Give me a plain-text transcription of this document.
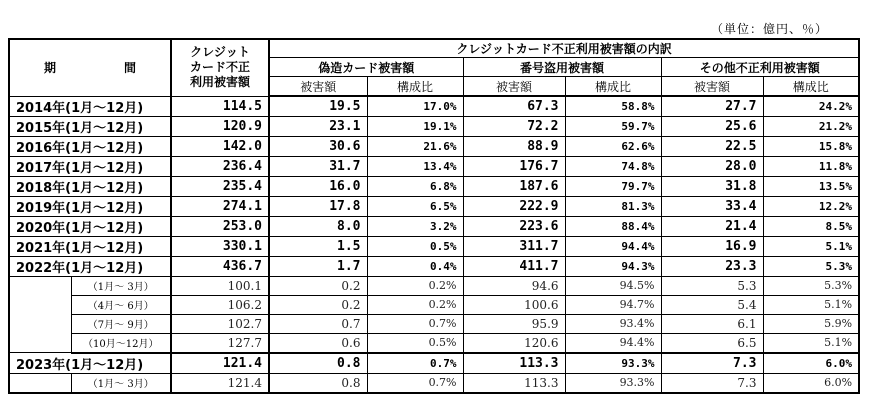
（単位：億円、％）
期　間		クレジット
カード不正
利用被害額	クレジットカード不正利用被害額の内訳					
			偽造カード被害額		番号盗用被害額		その他不正利用被害額	
			被害額	構成比	被害額	構成比	被害額	構成比
2014年(1月～12月)		114.5	19.5	17.0%	67.3	58.8%	27.7	24.2%
2015年(1月～12月)		120.9	23.1	19.1%	72.2	59.7%	25.6	21.2%
2016年(1月～12月)		142.0	30.6	21.6%	88.9	62.6%	22.5	15.8%
2017年(1月～12月)		236.4	31.7	13.4%	176.7	74.8%	28.0	11.8%
2018年(1月～12月)		235.4	16.0	6.8%	187.6	79.7%	31.8	13.5%
2019年(1月～12月)		274.1	17.8	6.5%	222.9	81.3%	33.4	12.2%
2020年(1月～12月)		253.0	8.0	3.2%	223.6	88.4%	21.4	8.5%
2021年(1月～12月)		330.1	1.5	0.5%	311.7	94.4%	16.9	5.1%
2022年(1月～12月)		436.7	1.7	0.4%	411.7	94.3%	23.3	5.3%
	（1月～ 3月）	100.1	0.2	0.2%	94.6	94.5%	5.3	5.3%
	（4月～ 6月）	106.2	0.2	0.2%	100.6	94.7%	5.4	5.1%
	（7月～ 9月）	102.7	0.7	0.7%	95.9	93.4%	6.1	5.9%
	（10月～12月）	127.7	0.6	0.5%	120.6	94.4%	6.5	5.1%
2023年(1月～12月)		121.4	0.8	0.7%	113.3	93.3%	7.3	6.0%
	（1月～ 3月）	121.4	0.8	0.7%	113.3	93.3%	7.3	6.0%
